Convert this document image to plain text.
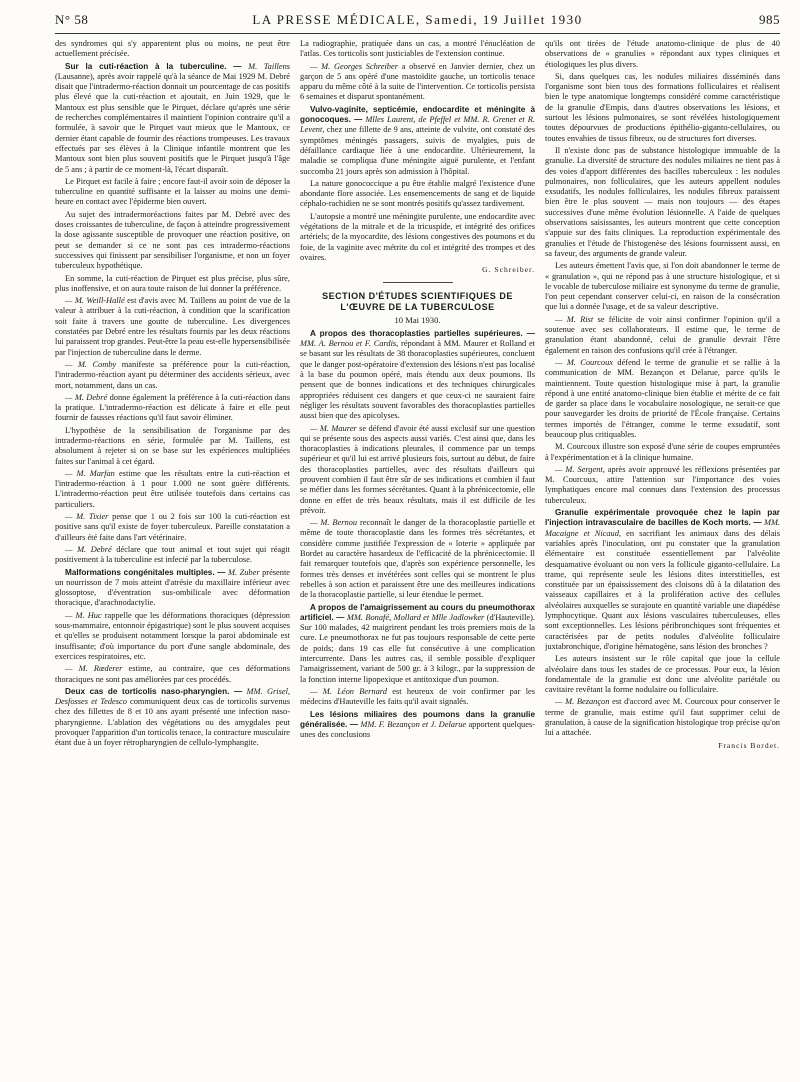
N° 58	LA PRESSE MÉDICALE, Samedi, 19 Juillet 1930	985

des syndromes qui s'y apparentent plus ou moins, ne peut être actuellement précisée.

Sur la cuti-réaction à la tuberculine. — M. Taillens (Lausanne), après avoir rappelé qu'à la séance de Mai 1929 M. Debré disait que l'intradermo-réaction donnait un pourcentage de cas positifs plus élevé que la cuti-réaction et ajoutait, en Juin 1929, que le Mantoux est plus sensible que le Pirquet, déclare qu'après une série de recherches complémentaires il maintient l'opinion contraire qu'il a formulée, à savoir que le Pirquet vaut mieux que le Mantoux, ce dernier étant capable de fournir des réactions trompeuses. Les travaux effectués par ses élèves à la Clinique infantile montrent que les Mantoux sont bien plus souvent positifs que le Pirquet jusqu'à l'âge de 5 ans ; à partir de ce moment-là, l'écart disparaît.

Le Pirquet est facile à faire ; encore faut-il avoir soin de déposer la tuberculine en quantité suffisante et la laisser au moins une demi-heure en contact avec l'épiderme bien ouvert.

Au sujet des intradermoréactions faites par M. Debré avec des doses croissantes de tuberculine, de façon à atteindre progressivement la dose agissante susceptible de provoquer une réaction positive, on peut se demander si ce ne sont pas ces intradermo-réactions successives qui finissent par sensibiliser l'organisme, et non un foyer tuberculeux hypothétique.

En somme, la cuti-réaction de Pirquet est plus précise, plus sûre, plus inoffensive, et on aura toute raison de lui donner la préférence.

— M. Weill-Hallé est d'avis avec M. Taillens au point de vue de la valeur à attribuer à la cuti-réaction, à condition que la scarification soit faite à travers une goutte de tuberculine. Les divergences constatées par Debré entre les résultats fournis par les deux réactions lui paraissent trop grandes. Peut-être la peau est-elle hypersensibilisée par l'injection de tuberculine dans le derme.

— M. Comby manifeste sa préférence pour la cuti-réaction, l'intradermo-réaction ayant pu déterminer des accidents sérieux, avec mort, notamment, dans un cas.

— M. Debré donne également la préférence à la cuti-réaction dans la pratique. L'intradermo-réaction est délicate à faire et elle peut fournir de fausses réactions qu'il faut savoir éliminer.

L'hypothèse de la sensibilisation de l'organisme par des intradermo-réactions en série, formulée par M. Taillens, est absolument à rejeter si on se base sur les expériences multipliées faites sur l'animal à cet égard.

— M. Marfan estime que les résultats entre la cuti-réaction et l'intradermo-réaction à 1 pour 1.000 ne sont guère différents. L'intradermo-réaction peut être utilisée toutefois dans certains cas particuliers.

— M. Tixier pense que 1 ou 2 fois sur 100 la cuti-réaction est positive sans qu'il existe de foyer tuberculeux. Pareille constatation a d'ailleurs été faite dans l'art vétérinaire.

— M. Debré déclare que tout animal et tout sujet qui réagit positivement à la tuberculine est infecté par la tuberculose.

Malformations congénitales multiples. — M. Zuber présente un nourrisson de 7 mois atteint d'atrésie du maxillaire inférieur avec glossoptose, d'éventration sus-ombilicale avec déformation thoracique, d'arachnodactylie.

— M. Huc rappelle que les déformations thoraciques (dépression sous-mammaire, entonnoir épigastrique) sont le plus souvent acquises et qu'elles se produisent notamment lorsque la paroi abdominale est insuffisante; d'où importance du port d'une sangle abdominale, des exercices respiratoires, etc.

— M. Rœderer estime, au contraire, que ces déformations thoraciques ne sont pas améliorées par ces procédés.

Deux cas de torticolis naso-pharyngien. — MM. Grisel, Desfosses et Tedesco communiquent deux cas de torticolis survenus chez des fillettes de 8 et 10 ans ayant présenté une infection naso-pharyngienne. L'ablation des végétations ou des amygdales peut provoquer l'apparition d'un torticolis tenace, la contracture musculaire étant due à un foyer rétropharyngien de cellulo-lymphangite.

La radiographie, pratiquée dans un cas, a montré l'énucléation de l'atlas. Ces torticolis sont justiciables de l'extension continue.

— M. Georges Schreiber a observé en Janvier dernier, chez un garçon de 5 ans opéré d'une mastoïdite gauche, un torticolis tenace apparu du même côté à la suite de l'intervention. Ce torticolis persista 6 semaines et disparut spontanément.

Vulvo-vaginite, septicémie, endocardite et méningite à gonocoques. — Mlles Laurent, de Pfeffel et MM. R. Grenet et R. Levent, chez une fillette de 9 ans, atteinte de vulvite, ont constaté des symptômes méningés passagers, suivis de myalgies, puis de défaillance cardiaque liée à une endocardite. Ultérieurement, la maladie se compliqua d'une méningite aiguë purulente, et l'enfant succomba 21 jours après son admission à l'hôpital.

La nature gonococcique a pu être établie malgré l'existence d'une abondante flore associée. Les ensemencements de sang et de liquide céphalo-rachidien ne se sont montrés positifs qu'assez tardivement.

L'autopsie a montré une méningite purulente, une endocardite avec végétations de la mitrale et de la tricuspide, et intégrité des orifices artériels; de la myocardite, des lésions congestives des poumons et du foie, de la vaginite avec métrite du col et intégrité des trompes et des ovaires.

G. Schreiber.
SECTION D'ÉTUDES SCIENTIFIQUES DE L'ŒUVRE DE LA TUBERCULOSE
10 Mai 1930.

A propos des thoracoplasties partielles supérieures. — MM. A. Bernou et F. Cardis, répondant à MM. Maurer et Rolland et se basant sur les résultats de 38 thoracoplasties supérieures, concluent que le danger post-opératoire d'extension des lésions n'est pas localisé à la base du poumon opéré, mais étendu aux deux poumons. Ils pensent que de bonnes indications et des techniques chirurgicales appropriées réduisent ces dangers et que ceux-ci ne sauraient faire négliger les résultats souvent favorables des thoracoplasties partielles aussi bien que des apicolyses.

— M. Maurer se défend d'avoir été aussi exclusif sur une question qui se présente sous des aspects aussi variés. C'est ainsi que, dans les thoracoplasties à indications pleurales, il commence par un temps supérieur et qu'il lui est arrivé plusieurs fois, surtout au début, de faire des thoracoplasties partielles, avec des résultats d'ailleurs qui prouvent combien il faut être sûr de ses indications et combien il faut se méfier dans les formes sécrétantes. Quant à la phrénicectomie, elle donne en effet de très beaux résultats, mais il est difficile de les prévoir.

— M. Bernou reconnaît le danger de la thoracoplastie partielle et même de toute thoracoplastie dans les formes très sécrétantes, et considère comme justifiée l'expression de « loterie » appliquée par Bordet au caractère hasardeux de l'efficacité de la phrénicectomie. Il fait remarquer toutefois que, d'après son expérience personnelle, les formes très denses et invétérées sont celles qui se montrent le plus rebelles à son action et paraissent être une des meilleures indications de la thoracoplastie partielle, si leur étendue le permet.

A propos de l'amaigrissement au cours du pneumothorax artificiel. — MM. Bonafé, Mollard et Mlle Jadlowker (d'Hauteville). Sur 100 malades, 42 maigrirent pendant les trois premiers mois de la cure. Le pneumothorax ne fut pas toujours responsable de cette perte de poids; dans 19 cas elle fut consécutive à une complication intercurrente. Dans les autres cas, il semble possible d'expliquer l'amaigrissement, variant de 500 gr. à 3 kilogr., par la suppression de la fonction interne lipopexique et antitoxique d'un poumon.

— M. Léon Bernard est heureux de voir confirmer par les médecins d'Hauteville les faits qu'il avait signalés.

Les lésions miliaires des poumons dans la granulie généralisée. — MM. F. Bezançon et J. Delarue apportent quelques-unes des conclusions

qu'ils ont tirées de l'étude anatomo-clinique de plus de 40 observations de « granulies » répondant aux types cliniques et étiologiques les plus divers.

Si, dans quelques cas, les nodules miliaires disséminés dans l'organisme sont bien tous des formations folliculaires et réalisent bien le type anatomique longtemps considéré comme caractéristique de la granulie d'Empis, dans d'autres observations les lésions, et surtout les lésions pulmonaires, se sont révélées histologiquement toutes dépourvues de productions épithélio-giganto-cellulaires, ou toutes envahies de tissus fibreux, ou de structures fort diverses.

Il n'existe donc pas de substance histologique immuable de la granulie. La diversité de structure des nodules miliaires ne tient pas à des voies d'apport différentes des bacilles tuberculeux : les nodules pulmonaires, non folliculaires, que les auteurs appellent nodules exsudatifs, les nodules folliculaires, les nodules fibreux paraissent bien être le plus souvent — mais non toujours — des étapes successives d'une même évolution lésionnelle. A l'aide de quelques observations saisissantes, les auteurs montrent que cette conception s'appuie sur des faits cliniques. La reproduction expérimentale des granulies et l'étude de l'histogenèse des lésions fournissent aussi, en sa faveur, des arguments de grande valeur.

Les auteurs émettent l'avis que, si l'on doit abandonner le terme de « granulation », qui ne répond pas à une structure histologique, et si le vocable de tuberculose miliaire est synonyme du terme de granulie, l'on peut cependant conserver celui-ci, en raison de la consécration que lui a donnée l'usage, et de sa valeur descriptive.

— M. Rist se félicite de voir ainsi confirmer l'opinion qu'il a soutenue avec ses collaborateurs. Il estime que, le terme de granulation étant abandonné, celui de granulie devrait l'être également en raison des confusions qu'il crée à l'étranger.

— M. Courcoux défend le terme de granulie et se rallie à la communication de MM. Bezançon et Delarue, parce qu'ils le maintiennent. Toute question histologique mise à part, la granulie répond à une entité anatomo-clinique bien établie et mérite de ce fait de garder sa place dans le vocabulaire nosologique, ne serait-ce que pour sauvegarder les droits de priorité de l'École française. Certains termes importés de l'étranger, comme le terme exsudatif, sont beaucoup plus critiquables.

M. Courcoux illustre son exposé d'une série de coupes empruntées à l'expérimentation et à la clinique humaine.

— M. Sergent, après avoir approuvé les réflexions présentées par M. Courcoux, attire l'attention sur l'importance des voies lymphatiques encore mal connues dans l'extension des processus tuberculeux.

Granulie expérimentale provoquée chez le lapin par l'injection intravasculaire de bacilles de Koch morts. — MM. Macaigne et Nicaud, en sacrifiant les animaux dans des délais variables après l'inoculation, ont pu constater que la granulation élémentaire est constituée essentiellement par l'alvéolite desquamative évoluant ou non vers la follicule giganto-cellulaire. La trame, qui représente seule les lésions dites interstitielles, est constituée par un épaississement des cloisons dû à la dilatation des vaisseaux capillaires et à la prolifération active des cellules alvéolaires auxquelles se surajoute en quantité variable une diapédèse lymphocytique. Quant aux lésions vasculaires tuberculeuses, elles sont exceptionnelles. Les lésions péribronchiques sont fréquentes et caractérisées par de petits nodules d'alvéolite folliculaire juxtabronchique, d'origine hématogène, sans lésion des bronches ?

Les auteurs insistent sur le rôle capital que joue la cellule alvéolaire dans tous les stades de ce processus. Pour eux, la lésion fondamentale de la granulie est donc une alvéolite pariétale ou cavitaire revêtant la forme nodulaire ou folliculaire.

— M. Bezançon est d'accord avec M. Courcoux pour conserver le terme de granulie, mais estime qu'il faut supprimer celui de granulation, à cause de la signification histologique trop précise qu'on lui a attachée.

Francis Bordet.
